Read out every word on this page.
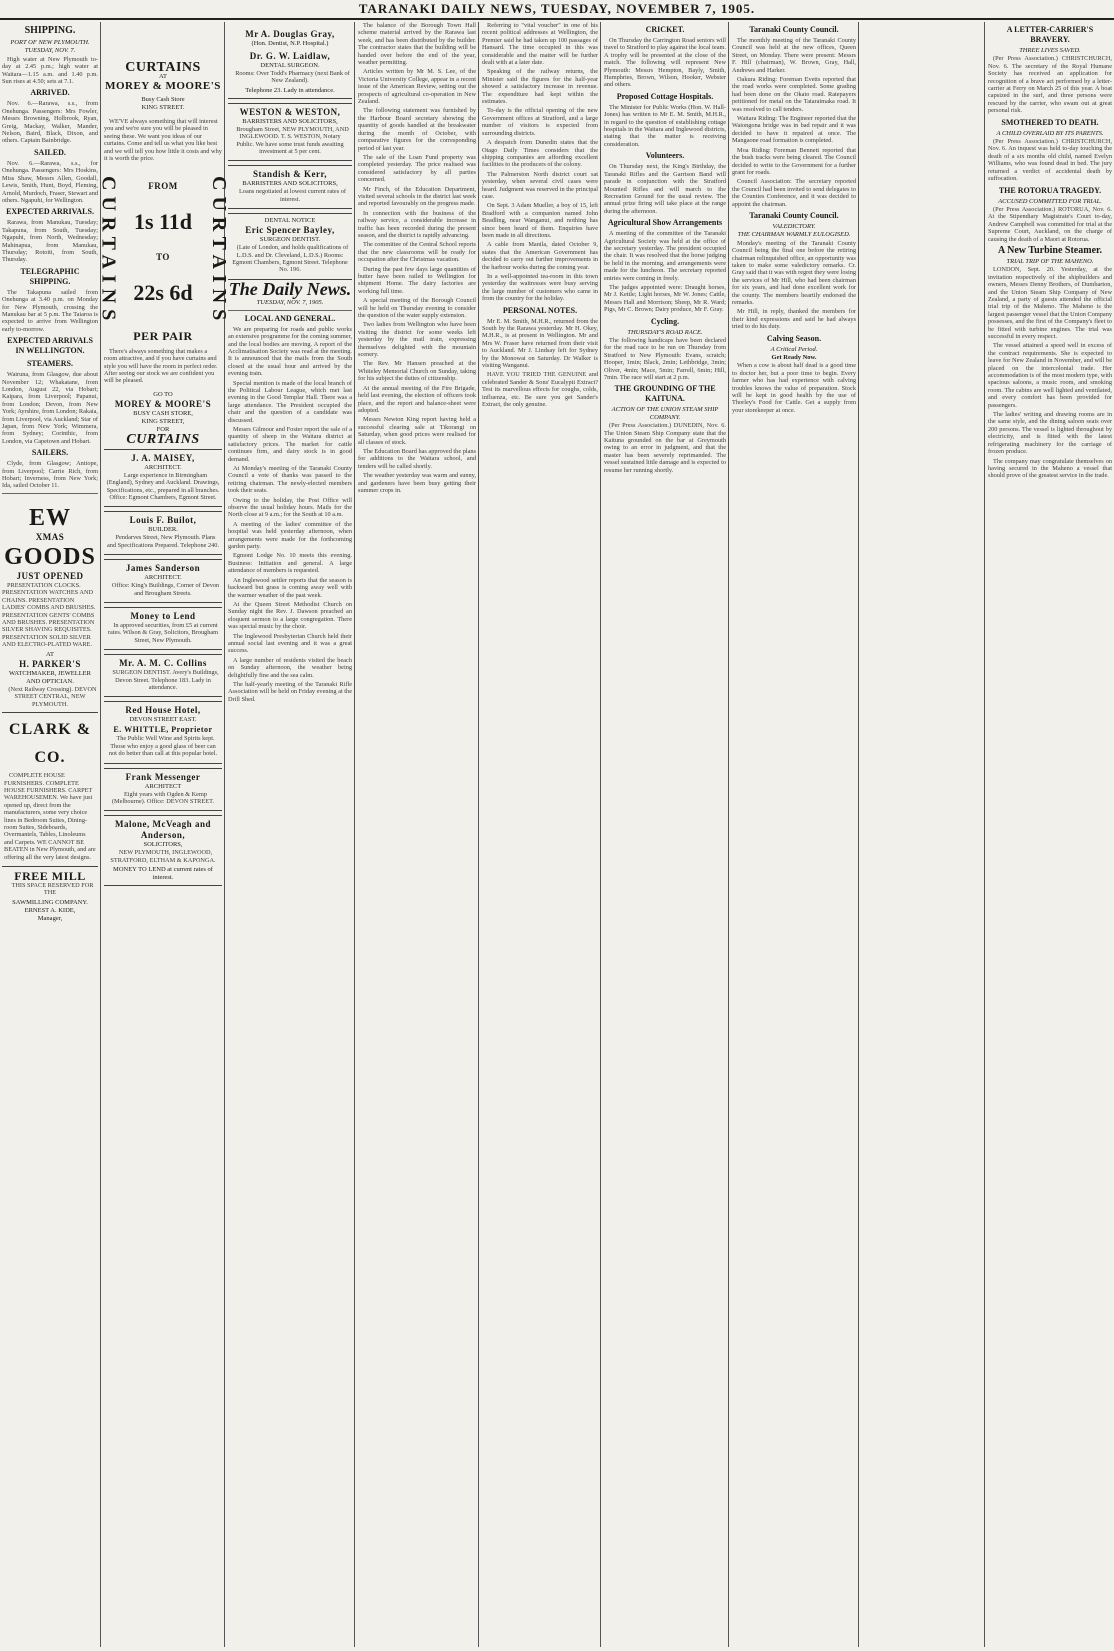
TARANAKI DAILY NEWS, TUESDAY, NOVEMBER 7, 1905.
SHIPPING.
PORT OF NEW PLYMOUTH.
TUESDAY, NOV. 7.

High water at New Plymouth to-day at 2.45 p.m.; high water at Waitara—1.15 a.m. and 1.40 p.m. Sun rises at 4.50; sets at 7.1.

ARRIVED.

Nov. 6.—Rarawa, s.s., from Onehunga. Passengers: Mrs Fowler, Messrs Browning, Holbrook, Ryan, Greig, Mackay, Walker, Mander, Nelson, Baird, Black, Dixon, and others. Captain Bainbridge.

SAILED.

Nov. 6.—Rarawa, s.s., for Onehunga. Passengers: Mrs Hoskins, Miss Shaw, Messrs Allen, Goodall, Lewis, Smith, Hunt, Boyd, Fleming, Arnold, Murdoch, Fraser, Stewart and others. Ngapuhi, for Wellington.

EXPECTED ARRIVALS.

Rarawa, from Manukau, Tuesday; Takapuna, from South, Tuesday; Ngapuhi, from North, Wednesday; Mahinapua, from Manukau, Thursday; Rotoiti, from South, Thursday.

TELEGRAPHIC SHIPPING.

The Takapuna sailed from Onehunga at 3.40 p.m. on Monday for New Plymouth, crossing the Manukau bar at 5 p.m. The Taiaroa is expected to arrive from Wellington early to-morrow.

EXPECTED ARRIVALS IN WELLINGTON.
STEAMERS.

Wairuna, from Glasgow, due about November 12; Whakatane, from London, August 22, via Hobart; Kaipara, from Liverpool; Papanui, from London; Devon, from New York; Ayrshire, from London; Rakaia, from Liverpool, via Auckland; Star of Japan, from New York; Wimmera, from Sydney; Corinthic, from London, via Capetown and Hobart.

SAILERS.

Clyde, from Glasgow; Antiope, from Liverpool; Carrie Rich, from Hobart; Inverness, from New York; Ida, sailed October 11.

EW
XMAS
GOODS
JUST OPENED

PRESENTATION CLOCKS. PRESENTATION WATCHES AND CHAINS. PRESENTATION LADIES' COMBS AND BRUSHES. PRESENTATION GENTS' COMBS AND BRUSHES. PRESENTATION SILVER SHAVING REQUISITES. PRESENTATION SOLID SILVER AND ELECTRO-PLATED WARE.

AT
H. PARKER'S
WATCHMAKER, JEWELLER AND OPTICIAN.

(Next Railway Crossing). DEVON STREET CENTRAL, NEW PLYMOUTH.

CLARK & CO.

COMPLETE HOUSE FURNISHERS. COMPLETE HOUSE FURNISHERS. CARPET WAREHOUSEMEN. We have just opened up, direct from the manufacturers, some very choice lines in Bedroom Suites, Dining-room Suites, Sideboards, Overmantels, Tables, Linoleums and Carpets. WE CANNOT BE BEATEN in New Plymouth, and are offering all the very latest designs.

FREE MILL

THIS SPACE RESERVED FOR THE

SAWMILLING COMPANY.
ERNEST A. KIDE,
Manager,
CURTAINS
AT
MOREY & MOORE'S
Busy Cash Store
KING STREET.

WE'VE always something that will interest you and we're sure you will be pleased in seeing these. We want you ideas of our curtains. Come and tell us what you like best and we will tell you how little it costs and why it is worth the price.

CURTAINS	FROM
1s 11d
TO
22s 6d CURTAINS
PER PAIR

There's always something that makes a room attractive, and if you have curtains and style you will have the room in perfect order. After seeing our stock we are confident you will be pleased.

GO TO
MOREY & MOORE'S
BUSY CASH STORE,
KING STREET,
FOR
CURTAINS
J. A. MAISEY,
ARCHITECT.

Large experience in Birmingham (England), Sydney and Auckland. Drawings, Specifications, etc., prepared in all branches. Office: Egmont Chambers, Egmont Street.

Louis F. Builot,
BUILDER.

Pendarves Street, New Plymouth. Plans and Specifications Prepared. Telephone 240.

James Sanderson
ARCHITECT.

Office: King's Buildings, Corner of Devon and Brougham Streets.

Money to Lend

In approved securities, from £5 at current rates. Wilson & Gray, Solicitors, Brougham Street, New Plymouth.

Mr. A. M. C. Collins

SURGEON DENTIST. Avery's Buildings, Devon Street. Telephone 183. Lady in attendance.

Red House Hotel,
DEVON STREET EAST.
E. WHITTLE, Proprietor

The Public Well Wine and Spirits kept. Those who enjoy a good glass of beer can not do better than call at this popular hotel.

Frank Messenger
ARCHITECT

Eight years with Ogden & Kemp (Melbourne). Office: DEVON STREET.

Malone, McVeagh and Anderson,
SOLICITORS,

NEW PLYMOUTH, INGLEWOOD, STRATFORD, ELTHAM & KAPONGA.

MONEY TO LEND at current rates of interest.
Mr A. Douglas Gray,
(Hon. Dentist, N.P. Hospital.)
Dr. G. W. Laidlaw,
DENTAL SURGEON.

Rooms: Over Todd's Pharmacy (next Bank of New Zealand).

Telephone 23. Lady in attendance.
WESTON & WESTON,
BARRISTERS AND SOLICITORS,

Brougham Street, NEW PLYMOUTH, AND INGLEWOOD. T. S. WESTON, Notary Public. We have some trust funds awaiting investment at 5 per cent.

Standish & Kerr,
BARRISTERS AND SOLICITORS,

Loans negotiated at lowest current rates of interest.

DENTAL NOTICE
Eric Spencer Bayley,
SURGEON DENTIST.

(Late of London, and holds qualifications of L.D.S. and Dr. Cleveland, L.D.S.) Rooms: Egmont Chambers, Egmont Street. Telephone No. 196.

The Daily News.
TUESDAY, NOV. 7, 1905.
LOCAL AND GENERAL.

We are preparing for roads and public works an extensive programme for the coming summer, and the local bodies are moving. A report of the Acclimatisation Society was read at the meeting. It is announced that the mails from the South closed at the usual hour and arrived by the evening train.

Special mention is made of the local branch of the Political Labour League, which met last evening in the Good Templar Hall. There was a large attendance. The President occupied the chair and the question of a candidate was discussed.

Messrs Gilmour and Foster report the sale of a quantity of sheep in the Waitara district at satisfactory prices. The market for cattle continues firm, and dairy stock is in good demand.

At Monday's meeting of the Taranaki County Council a vote of thanks was passed to the retiring chairman. The newly-elected members took their seats.

Owing to the holiday, the Post Office will observe the usual holiday hours. Mails for the North close at 9 a.m.; for the South at 10 a.m.

A meeting of the ladies' committee of the hospital was held yesterday afternoon, when arrangements were made for the forthcoming garden party.

Egmont Lodge No. 10 meets this evening. Business: Initiation and general. A large attendance of members is requested.

An Inglewood settler reports that the season is backward but grass is coming away well with the warmer weather of the past week.

At the Queen Street Methodist Church on Sunday night the Rev. J. Dawson preached an eloquent sermon to a large congregation. There was special music by the choir.

The Inglewood Presbyterian Church held their annual social last evening and it was a great success.

A large number of residents visited the beach on Sunday afternoon, the weather being delightfully fine and the sea calm.

The half-yearly meeting of the Taranaki Rifle Association will be held on Friday evening at the Drill Shed.

The balance of the Borough Town Hall scheme material arrived by the Rarawa last week, and has been distributed by the builder. The contractor states that the building will be handed over before the end of the year, weather permitting.

Articles written by Mr M. S. Lee, of the Victoria University College, appear in a recent issue of the American Review, setting out the prospects of agricultural co-operation in New Zealand.

The following statement was furnished by the Harbour Board secretary showing the quantity of goods handled at the breakwater during the month of October, with comparative figures for the corresponding period of last year.

The sale of the Loan Fund property was completed yesterday. The price realised was considered satisfactory by all parties concerned.

Mr Finch, of the Education Department, visited several schools in the district last week and reported favourably on the progress made.

In connection with the business of the railway service, a considerable increase in traffic has been recorded during the present season, and the district is rapidly advancing.

The committee of the Central School reports that the new classrooms will be ready for occupation after the Christmas vacation.

During the past few days large quantities of butter have been railed to Wellington for shipment Home. The dairy factories are working full time.

A special meeting of the Borough Council will be held on Thursday evening to consider the question of the water supply extension.

Two ladies from Wellington who have been visiting the district for some weeks left yesterday by the mail train, expressing themselves delighted with the mountain scenery.

The Rev. Mr Hansen preached at the Whiteley Memorial Church on Sunday, taking for his subject the duties of citizenship.

At the annual meeting of the Fire Brigade, held last evening, the election of officers took place, and the report and balance-sheet were adopted.

Messrs Newton King report having held a successful clearing sale at Tikorangi on Saturday, when good prices were realised for all classes of stock.

The Education Board has approved the plans for additions to the Waitara school, and tenders will be called shortly.

The weather yesterday was warm and sunny, and gardeners have been busy getting their summer crops in.

Referring to "vital voucher" in one of his recent political addresses at Wellington, the Premier said he had taken up 100 passages of Hansard. The time occupied in this was considerable and the matter will be further dealt with at a later date.

Speaking of the railway returns, the Minister said the figures for the half-year showed a satisfactory increase in revenue. The expenditure had kept within the estimates.

To-day is the official opening of the new Government offices at Stratford, and a large number of visitors is expected from surrounding districts.

A despatch from Dunedin states that the Otago Daily Times considers that the shipping companies are affording excellent facilities to the producers of the colony.

The Palmerston North district court sat yesterday, when several civil cases were heard. Judgment was reserved in the principal case.

On Sept. 3 Adam Mueller, a boy of 15, left Bradford with a companion named John Beadling, near Wanganui, and nothing has since been heard of them. Enquiries have been made in all directions.

A cable from Manila, dated October 9, states that the American Government has decided to carry out further improvements in the harbour works during the coming year.

In a well-appointed tea-room in this town yesterday the waitresses were busy serving the large number of customers who came in from the country for the holiday.

PERSONAL NOTES.

Mr E. M. Smith, M.H.R., returned from the South by the Rarawa yesterday. Mr H. Okey, M.H.R., is at present in Wellington. Mr and Mrs W. Fraser have returned from their visit to Auckland. Mr J. Lindsay left for Sydney by the Monowai on Saturday. Dr Walker is visiting Wanganui.

HAVE YOU TRIED THE GENUINE and celebrated Sander & Sons' Eucalypti Extract? Test its marvellous effects for coughs, colds, influenza, etc. Be sure you get Sander's Extract, the only genuine.

CRICKET.

On Thursday the Carrington Road seniors will travel to Stratford to play against the local team. A trophy will be presented at the close of the match. The following will represent New Plymouth: Messrs Hempton, Bayly, Smith, Humphries, Brown, Wilson, Hooker, Webster and others.

Proposed Cottage Hospitals.

The Minister for Public Works (Hon. W. Hall-Jones) has written to Mr E. M. Smith, M.H.R., in regard to the question of establishing cottage hospitals in the Waitara and Inglewood districts, stating that the matter is receiving consideration.

Volunteers.

On Thursday next, the King's Birthday, the Taranaki Rifles and the Garrison Band will parade in conjunction with the Stratford Mounted Rifles and will march to the Recreation Ground for the usual review. The annual prize firing will take place at the range during the afternoon.

Agricultural Show Arrangements

A meeting of the committee of the Taranaki Agricultural Society was held at the office of the secretary yesterday. The president occupied the chair. It was resolved that the horse judging be held in the morning, and arrangements were made for the luncheon. The secretary reported entries were coming in freely.

The judges appointed were: Draught horses, Mr J. Kettle; Light horses, Mr W. Jones; Cattle, Messrs Hall and Morrison; Sheep, Mr R. Ward; Pigs, Mr C. Brown; Dairy produce, Mr F. Gray.

Cycling.
THURSDAY'S ROAD RACE.

The following handicaps have been declared for the road race to be run on Thursday from Stratford to New Plymouth: Evans, scratch; Hooper, 1min; Black, 2min; Lethbridge, 3min; Oliver, 4min; Mace, 5min; Farrell, 6min; Hill, 7min. The race will start at 2 p.m.

THE GROUNDING OF THE KAITUNA.
ACTION OF THE UNION STEAM SHIP COMPANY.

(Per Press Association.) DUNEDIN, Nov. 6. The Union Steam Ship Company state that the Kaituna grounded on the bar at Greymouth owing to an error in judgment, and that the master has been severely reprimanded. The vessel sustained little damage and is expected to resume her running shortly.

Taranaki County Council.

The monthly meeting of the Taranaki County Council was held at the new offices, Queen Street, on Monday. There were present: Messrs F. Hill (chairman), W. Brown, Gray, Hall, Andrews and Harker.

Oakura Riding: Foreman Evetts reported that the road works were completed. Some grading had been done on the Okato road. Ratepayers petitioned for metal on the Tataraimaka road. It was resolved to call tenders.

Waitara Riding: The Engineer reported that the Waiongona bridge was in bad repair and it was decided to have it repaired at once. The Mangaone road formation is completed.

Moa Riding: Foreman Bennett reported that the bush tracks were being cleared. The Council decided to write to the Government for a further grant for roads.

Council Association: The secretary reported the Council had been invited to send delegates to the Counties Conference, and it was decided to appoint the chairman.

Taranaki County Council.
VALEDICTORY.
THE CHAIRMAN WARMLY EULOGISED.

Monday's meeting of the Taranaki County Council being the final one before the retiring chairman relinquished office, an opportunity was taken to make some valedictory remarks. Cr. Gray said that it was with regret they were losing the services of Mr Hill, who had been chairman for six years, and had done excellent work for the county. The members heartily endorsed the remarks.

Mr Hill, in reply, thanked the members for their kind expressions and said he had always tried to do his duty.

Calving Season.
A Critical Period.
Get Ready Now.

When a cow is about half dead is a good time to doctor her, but a poor time to begin. Every farmer who has had experience with calving troubles knows the value of preparation. Stock will be kept in good health by the use of Thorley's Food for Cattle. Get a supply from your storekeeper at once.

A LETTER-CARRIER'S BRAVERY.
THREE LIVES SAVED.

(Per Press Association.) CHRISTCHURCH, Nov. 6. The secretary of the Royal Humane Society has received an application for recognition of a brave act performed by a letter-carrier at Ferry on March 25 of this year. A boat capsized in the surf, and three persons were rescued by the carrier, who swam out at great personal risk.

SMOTHERED TO DEATH.
A CHILD OVERLAID BY ITS PARENTS.

(Per Press Association.) CHRISTCHURCH, Nov. 6. An inquest was held to-day touching the death of a six months old child, named Evelyn Williams, who was found dead in bed. The jury returned a verdict of accidental death by suffocation.

THE ROTORUA TRAGEDY.
ACCUSED COMMITTED FOR TRIAL.

(Per Press Association.) ROTORUA, Nov. 6. At the Stipendiary Magistrate's Court to-day, Andrew Campbell was committed for trial at the Supreme Court, Auckland, on the charge of causing the death of a Maori at Rotorua.

A New Turbine Steamer.
TRIAL TRIP OF THE MAHENO.

LONDON, Sept. 20. Yesterday, at the invitation respectively of the shipbuilders and owners, Messrs Denny Brothers, of Dumbarton, and the Union Steam Ship Company of New Zealand, a party of guests attended the official trial trip of the Maheno. The Maheno is the largest passenger vessel that the Union Company possesses, and the first of the Company's fleet to be fitted with turbine engines. The trial was successful in every respect.

The vessel attained a speed well in excess of the contract requirements. She is expected to leave for New Zealand in November, and will be placed on the intercolonial trade. Her accommodation is of the most modern type, with spacious saloons, a music room, and smoking room. The cabins are well lighted and ventilated, and every comfort has been provided for passengers.

The ladies' writing and drawing rooms are in the same style, and the dining saloon seats over 200 persons. The vessel is lighted throughout by electricity, and is fitted with the latest refrigerating machinery for the carriage of frozen produce.

The company may congratulate themselves on having secured in the Maheno a vessel that should prove of the greatest service in the trade.
